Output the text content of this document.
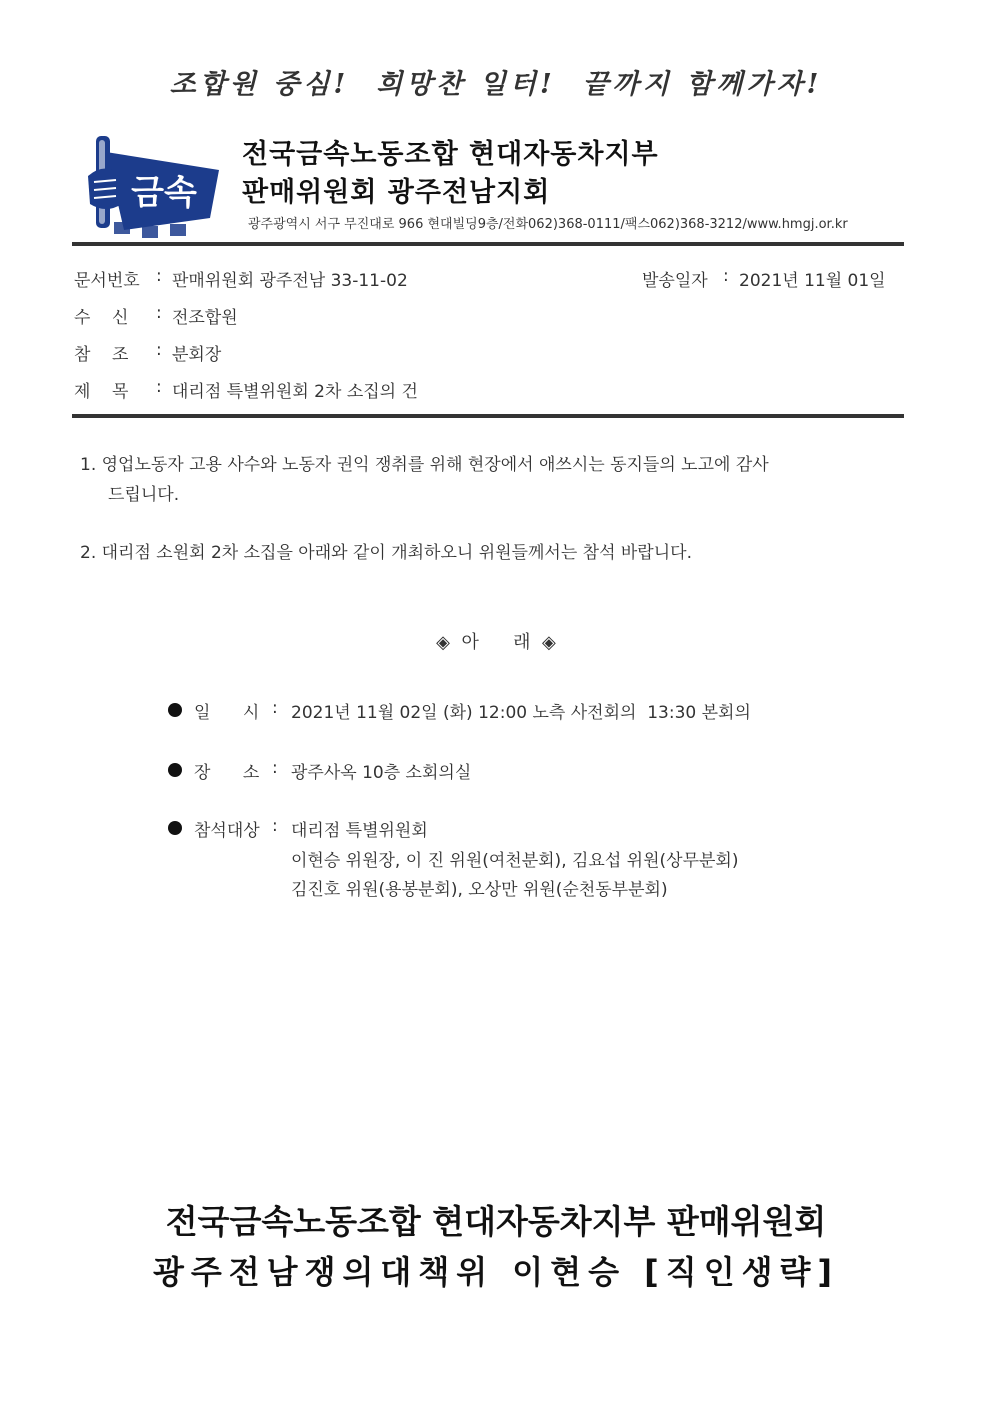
조합원 중심!  희망찬 일터!  끝까지 함께가자!
금속
전국금속노동조합 현대자동차지부
판매위원회 광주전남지회
광주광역시 서구 무진대로 966 현대빌딩9층/전화062)368-0111/팩스062)368-3212/www.hmgj.or.kr
문서번호 : 판매위원회 광주전남 33-11-02	발송일자 : 2021년 11월 01일
수    신 : 전조합원
참    조 : 분회장
제    목 : 대리점 특별위원회 2차 소집의 건
1. 영업노동자 고용 사수와 노동자 권익 쟁취를 위해 현장에서 애쓰시는 동지들의 노고에 감사
드립니다.
2. 대리점 소원회 2차 소집을 아래와 같이 개최하오니 위원들께서는 참석 바랍니다.
◈  아      래  ◈
일      시 : 2021년 11월 02일 (화) 12:00 노측 사전회의  13:30 본회의
장      소 : 광주사옥 10층 소회의실
참석대상 : 대리점 특별위원회
이현승 위원장, 이 진 위원(여천분회), 김요섭 위원(상무분회)
김진호 위원(용봉분회), 오상만 위원(순천동부분회)
전국금속노동조합 현대자동차지부 판매위원회
광주전남쟁의대책위 이현승 [직인생략]
